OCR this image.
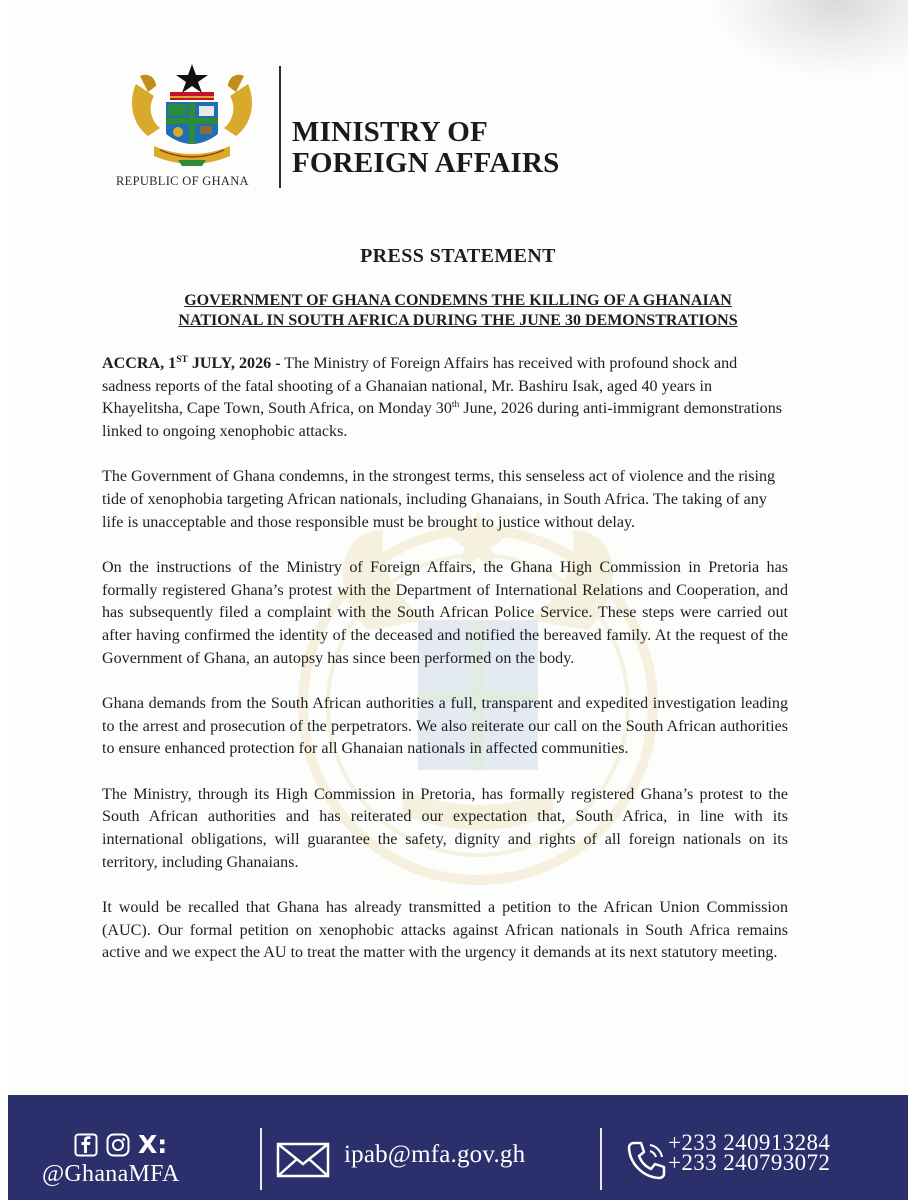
REPUBLIC OF GHANA
MINISTRY OF
FOREIGN AFFAIRS
PRESS STATEMENT
GOVERNMENT OF GHANA CONDEMNS THE KILLING OF A GHANAIAN
NATIONAL IN SOUTH AFRICA DURING THE JUNE 30 DEMONSTRATIONS

ACCRA, 1ST JULY, 2026 - The Ministry of Foreign Affairs has received with profound shock and sadness reports of the fatal shooting of a Ghanaian national, Mr. Bashiru Isak, aged 40 years in Khayelitsha, Cape Town, South Africa, on Monday 30th June, 2026 during anti-immigrant demonstrations linked to ongoing xenophobic attacks.

The Government of Ghana condemns, in the strongest terms, this senseless act of violence and the rising tide of xenophobia targeting African nationals, including Ghanaians, in South Africa. The taking of any life is unacceptable and those responsible must be brought to justice without delay.

On the instructions of the Ministry of Foreign Affairs, the Ghana High Commission in Pretoria has formally registered Ghana’s protest with the Department of International Relations and Cooperation, and has subsequently filed a complaint with the South African Police Service. These steps were carried out after having confirmed the identity of the deceased and notified the bereaved family. At the request of the Government of Ghana, an autopsy has since been performed on the body.

Ghana demands from the South African authorities a full, transparent and expedited investigation leading to the arrest and prosecution of the perpetrators. We also reiterate our call on the South African authorities to ensure enhanced protection for all Ghanaian nationals in affected communities.

The Ministry, through its High Commission in Pretoria, has formally registered Ghana’s protest to the South African authorities and has reiterated our expectation that, South Africa, in line with its international obligations, will guarantee the safety, dignity and rights of all foreign nationals on its territory, including Ghanaians.

It would be recalled that Ghana has already transmitted a petition to the African Union Commission (AUC). Our formal petition on xenophobic attacks against African nationals in South Africa remains active and we expect the AU to treat the matter with the urgency it demands at its next statutory meeting.

X:
@GhanaMFA
ipab@mfa.gov.gh	+233 240913284
+233 240793072
